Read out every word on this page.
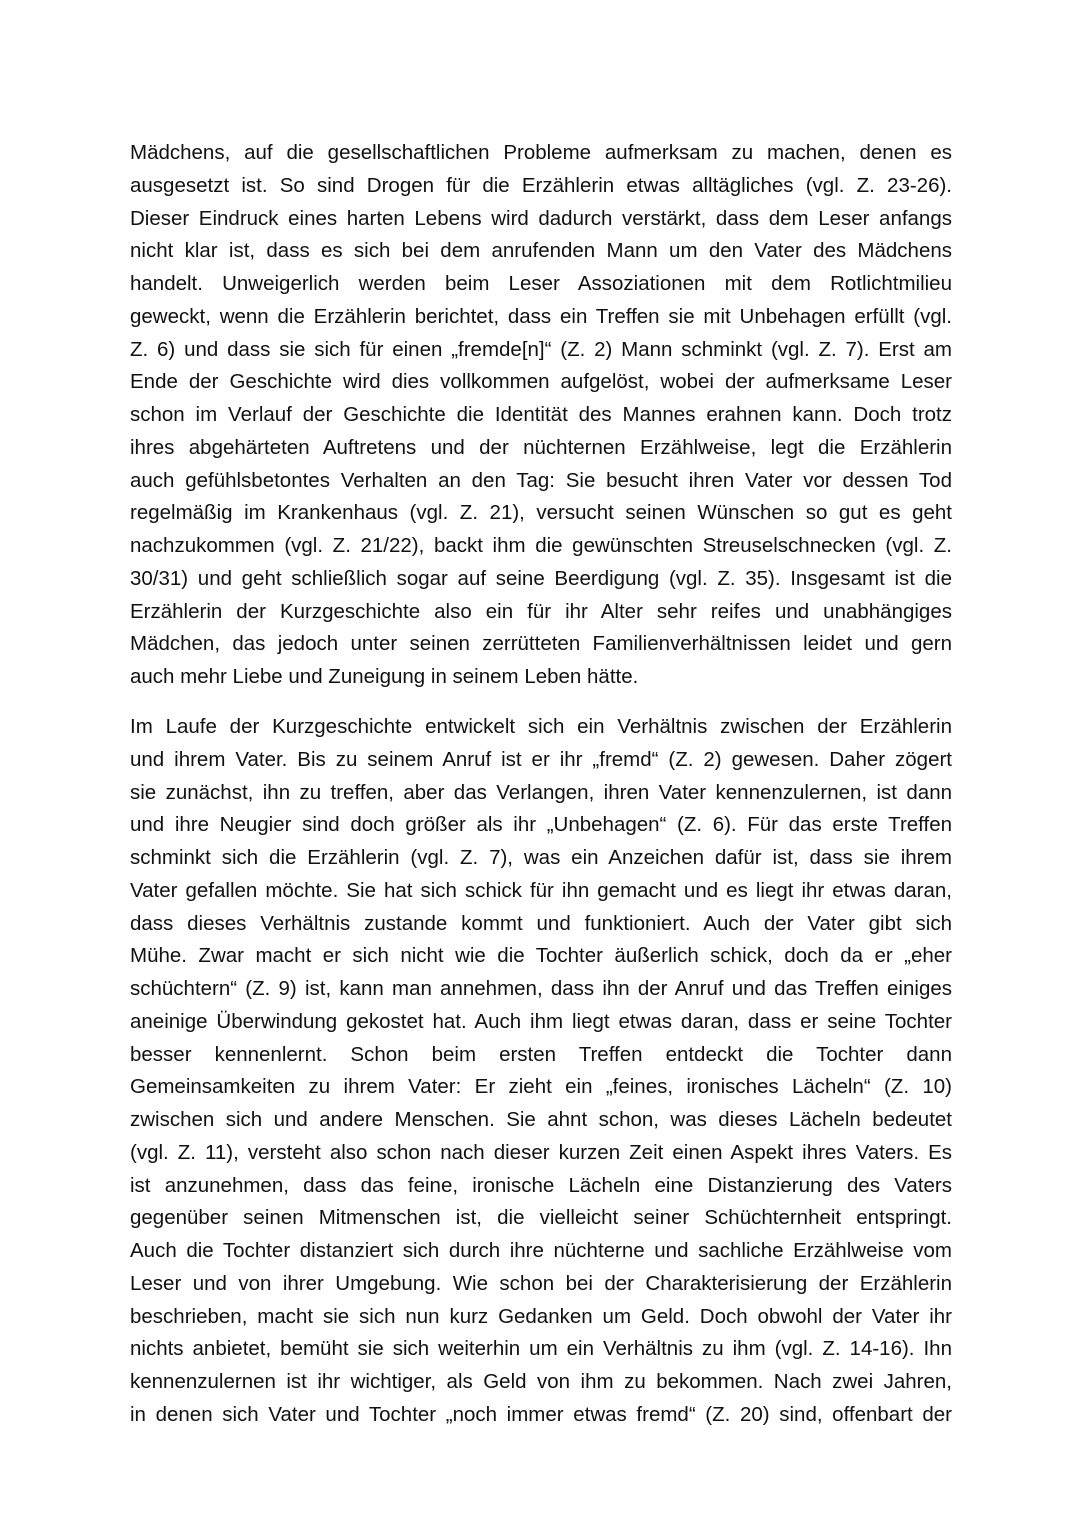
Mädchens, auf die gesellschaftlichen Probleme aufmerksam zu machen, denen es
ausgesetzt ist. So sind Drogen für die Erzählerin etwas alltägliches (vgl. Z. 23-26).
Dieser Eindruck eines harten Lebens wird dadurch verstärkt, dass dem Leser anfangs
nicht klar ist, dass es sich bei dem anrufenden Mann um den Vater des Mädchens
handelt. Unweigerlich werden beim Leser Assoziationen mit dem Rotlichtmilieu
geweckt, wenn die Erzählerin berichtet, dass ein Treffen sie mit Unbehagen erfüllt (vgl.
Z. 6) und dass sie sich für einen „fremde[n]“ (Z. 2) Mann schminkt (vgl. Z. 7). Erst am
Ende der Geschichte wird dies vollkommen aufgelöst, wobei der aufmerksame Leser
schon im Verlauf der Geschichte die Identität des Mannes erahnen kann. Doch trotz
ihres abgehärteten Auftretens und der nüchternen Erzählweise, legt die Erzählerin
auch gefühlsbetontes Verhalten an den Tag: Sie besucht ihren Vater vor dessen Tod
regelmäßig im Krankenhaus (vgl. Z. 21), versucht seinen Wünschen so gut es geht
nachzukommen (vgl. Z. 21/22), backt ihm die gewünschten Streuselschnecken (vgl. Z.
30/31) und geht schließlich sogar auf seine Beerdigung (vgl. Z. 35). Insgesamt ist die
Erzählerin der Kurzgeschichte also ein für ihr Alter sehr reifes und unabhängiges
Mädchen, das jedoch unter seinen zerrütteten Familienverhältnissen leidet und gern
auch mehr Liebe und Zuneigung in seinem Leben hätte.
Im Laufe der Kurzgeschichte entwickelt sich ein Verhältnis zwischen der Erzählerin
und ihrem Vater. Bis zu seinem Anruf ist er ihr „fremd“ (Z. 2) gewesen. Daher zögert
sie zunächst, ihn zu treffen, aber das Verlangen, ihren Vater kennenzulernen, ist dann
und ihre Neugier sind doch größer als ihr „Unbehagen“ (Z. 6). Für das erste Treffen
schminkt sich die Erzählerin (vgl. Z. 7), was ein Anzeichen dafür ist, dass sie ihrem
Vater gefallen möchte. Sie hat sich schick für ihn gemacht und es liegt ihr etwas daran,
dass dieses Verhältnis zustande kommt und funktioniert. Auch der Vater gibt sich
Mühe. Zwar macht er sich nicht wie die Tochter äußerlich schick, doch da er „eher
schüchtern“ (Z. 9) ist, kann man annehmen, dass ihn der Anruf und das Treffen einiges
aneinige Überwindung gekostet hat. Auch ihm liegt etwas daran, dass er seine Tochter
besser kennenlernt. Schon beim ersten Treffen entdeckt die Tochter dann
Gemeinsamkeiten zu ihrem Vater: Er zieht ein „feines, ironisches Lächeln“ (Z. 10)
zwischen sich und andere Menschen. Sie ahnt schon, was dieses Lächeln bedeutet
(vgl. Z. 11), versteht also schon nach dieser kurzen Zeit einen Aspekt ihres Vaters. Es
ist anzunehmen, dass das feine, ironische Lächeln eine Distanzierung des Vaters
gegenüber seinen Mitmenschen ist, die vielleicht seiner Schüchternheit entspringt.
Auch die Tochter distanziert sich durch ihre nüchterne und sachliche Erzählweise vom
Leser und von ihrer Umgebung. Wie schon bei der Charakterisierung der Erzählerin
beschrieben, macht sie sich nun kurz Gedanken um Geld. Doch obwohl der Vater ihr
nichts anbietet, bemüht sie sich weiterhin um ein Verhältnis zu ihm (vgl. Z. 14-16). Ihn
kennenzulernen ist ihr wichtiger, als Geld von ihm zu bekommen. Nach zwei Jahren,
in denen sich Vater und Tochter „noch immer etwas fremd“ (Z. 20) sind, offenbart der
